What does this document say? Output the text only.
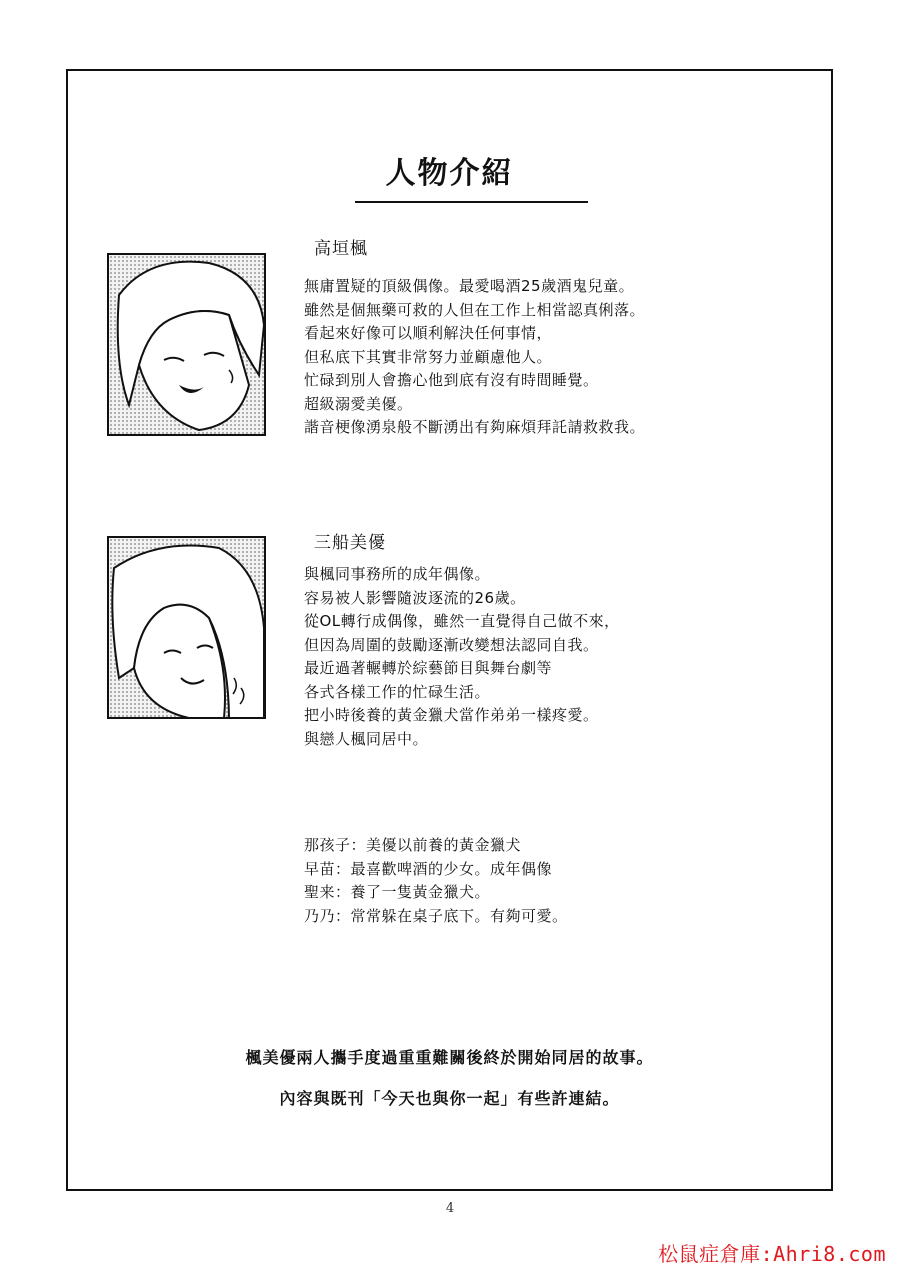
人物介紹
高垣楓
無庸置疑的頂級偶像。最愛喝酒25歲酒鬼兒童。
雖然是個無藥可救的人但在工作上相當認真俐落。
看起來好像可以順利解決任何事情，
但私底下其實非常努力並顧慮他人。
忙碌到別人會擔心他到底有沒有時間睡覺。
超級溺愛美優。
諧音梗像湧泉般不斷湧出有夠麻煩拜託請救救我。
三船美優
與楓同事務所的成年偶像。
容易被人影響隨波逐流的26歲。
從OL轉行成偶像，雖然一直覺得自己做不來，
但因為周圍的鼓勵逐漸改變想法認同自我。
最近過著輾轉於綜藝節目與舞台劇等
各式各樣工作的忙碌生活。
把小時後養的黃金獵犬當作弟弟一樣疼愛。
與戀人楓同居中。
那孩子：美優以前養的黃金獵犬
早苗：最喜歡啤酒的少女。成年偶像
聖来：養了一隻黃金獵犬。
乃乃：常常躲在桌子底下。有夠可愛。
楓美優兩人攜手度過重重難關後終於開始同居的故事。
內容與既刊「今天也與你一起」有些許連結。
4
松鼠症倉庫:Ahri8.com
